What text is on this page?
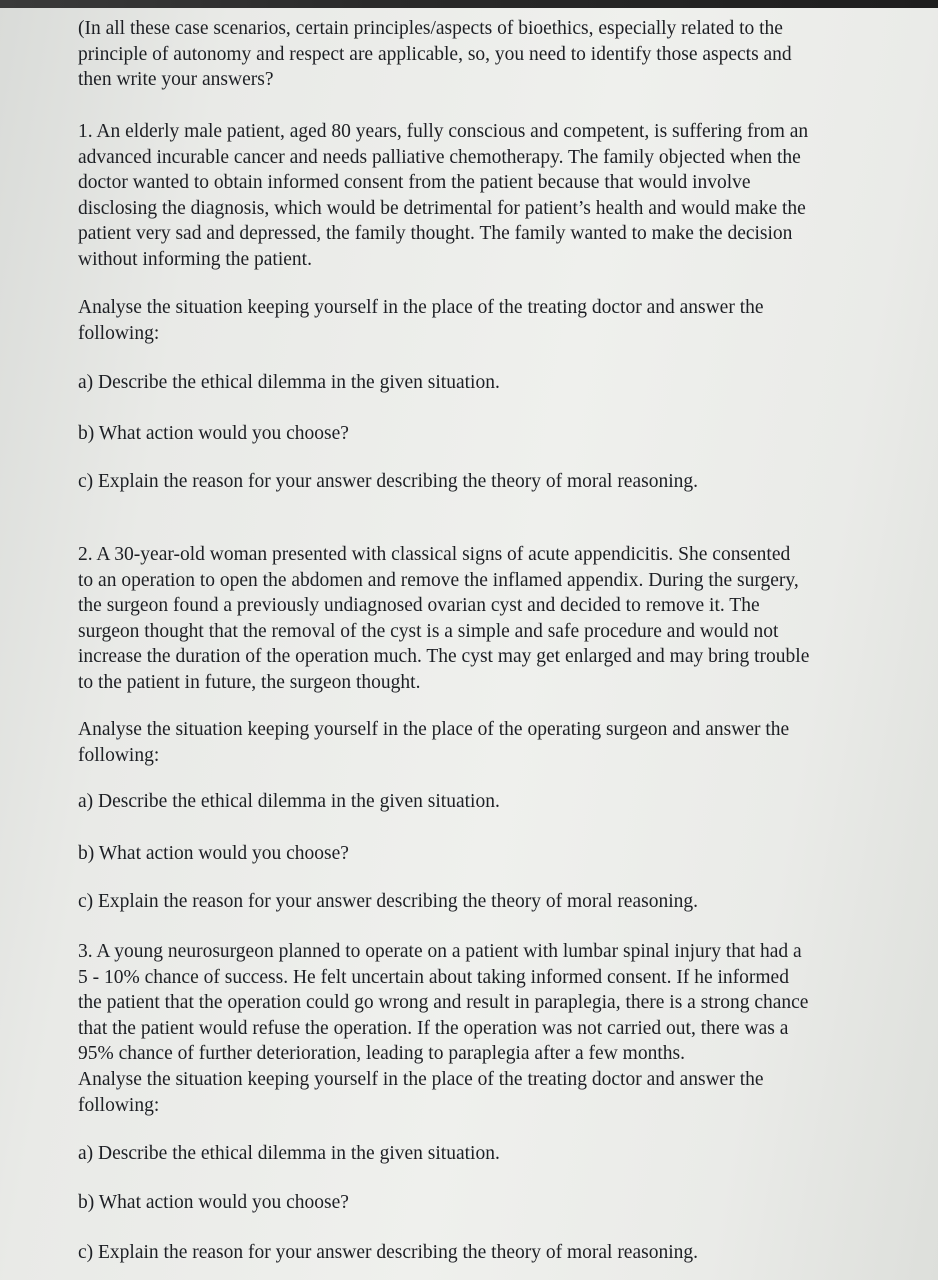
(In all these case scenarios, certain principles/aspects of bioethics, especially related to the
principle of autonomy and respect are applicable, so, you need to identify those aspects and
then write your answers?
1. An elderly male patient, aged 80 years, fully conscious and competent, is suffering from an
advanced incurable cancer and needs palliative chemotherapy. The family objected when the
doctor wanted to obtain informed consent from the patient because that would involve
disclosing the diagnosis, which would be detrimental for patient’s health and would make the
patient very sad and depressed, the family thought. The family wanted to make the decision
without informing the patient.
Analyse the situation keeping yourself in the place of the treating doctor and answer the
following:
a) Describe the ethical dilemma in the given situation.
b) What action would you choose?
c) Explain the reason for your answer describing the theory of moral reasoning.
2. A 30-year-old woman presented with classical signs of acute appendicitis. She consented
to an operation to open the abdomen and remove the inflamed appendix. During the surgery,
the surgeon found a previously undiagnosed ovarian cyst and decided to remove it. The
surgeon thought that the removal of the cyst is a simple and safe procedure and would not
increase the duration of the operation much. The cyst may get enlarged and may bring trouble
to the patient in future, the surgeon thought.
Analyse the situation keeping yourself in the place of the operating surgeon and answer the
following:
a) Describe the ethical dilemma in the given situation.
b) What action would you choose?
c) Explain the reason for your answer describing the theory of moral reasoning.
3. A young neurosurgeon planned to operate on a patient with lumbar spinal injury that had a
5 - 10% chance of success. He felt uncertain about taking informed consent. If he informed
the patient that the operation could go wrong and result in paraplegia, there is a strong chance
that the patient would refuse the operation. If the operation was not carried out, there was a
95% chance of further deterioration, leading to paraplegia after a few months.
Analyse the situation keeping yourself in the place of the treating doctor and answer the
following:
a) Describe the ethical dilemma in the given situation.
b) What action would you choose?
c) Explain the reason for your answer describing the theory of moral reasoning.
